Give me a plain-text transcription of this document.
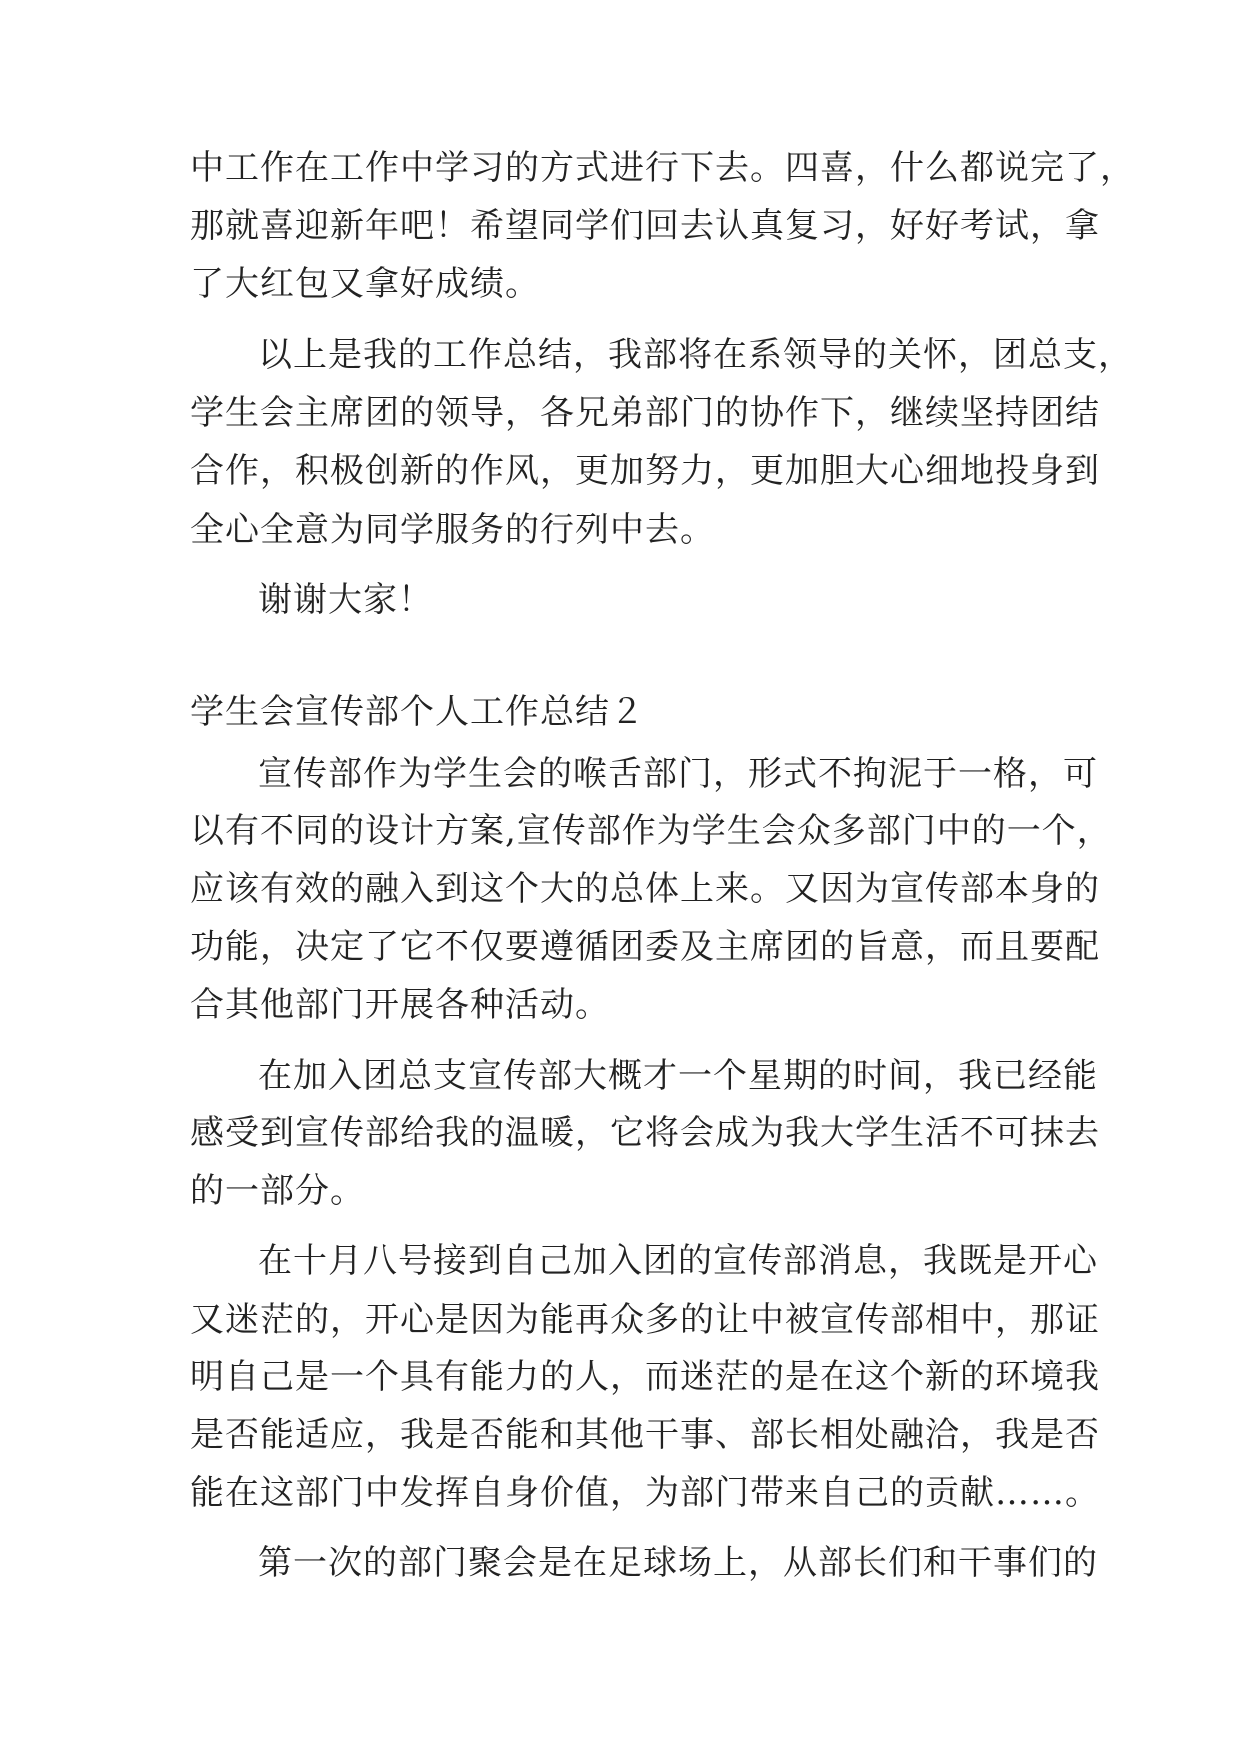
中工作在工作中学习的方式进行下去。四喜，什么都说完了，
那就喜迎新年吧！希望同学们回去认真复习，好好考试，拿
了大红包又拿好成绩。
以上是我的工作总结，我部将在系领导的关怀，团总支，
学生会主席团的领导，各兄弟部门的协作下，继续坚持团结
合作，积极创新的作风，更加努力，更加胆大心细地投身到
全心全意为同学服务的行列中去。
谢谢大家！
学生会宣传部个人工作总结２
宣传部作为学生会的喉舌部门，形式不拘泥于一格，可
以有不同的设计方案,宣传部作为学生会众多部门中的一个，
应该有效的融入到这个大的总体上来。又因为宣传部本身的
功能，决定了它不仅要遵循团委及主席团的旨意，而且要配
合其他部门开展各种活动。
在加入团总支宣传部大概才一个星期的时间，我已经能
感受到宣传部给我的温暖，它将会成为我大学生活不可抹去
的一部分。
在十月八号接到自己加入团的宣传部消息，我既是开心
又迷茫的，开心是因为能再众多的让中被宣传部相中，那证
明自己是一个具有能力的人，而迷茫的是在这个新的环境我
是否能适应，我是否能和其他干事、部长相处融洽，我是否
能在这部门中发挥自身价值，为部门带来自己的贡献……。
第一次的部门聚会是在足球场上，从部长们和干事们的
